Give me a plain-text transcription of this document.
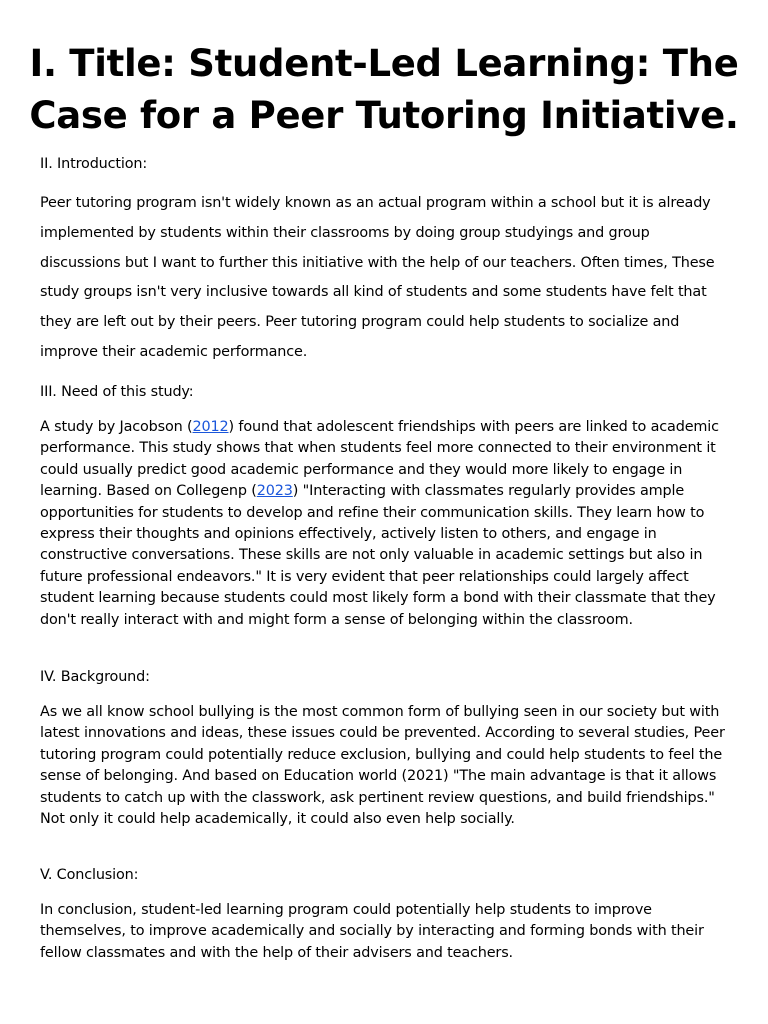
I. Title: Student-Led Learning: The Case for a Peer Tutoring Initiative.
II. Introduction:

Peer tutoring program isn't widely known as an actual program within a school but it is already implemented by students within their classrooms by doing group studyings and group discussions but I want to further this initiative with the help of our teachers. Often times, These study groups isn't very inclusive towards all kind of students and some students have felt that they are left out by their peers. Peer tutoring program could help students to socialize and improve their academic performance.

III. Need of this study:

A study by Jacobson (2012) found that adolescent friendships with peers are linked to academic performance. This study shows that when students feel more connected to their environment it could usually predict good academic performance and they would more likely to engage in learning. Based on Collegenp (2023) "Interacting with classmates regularly provides ample opportunities for students to develop and refine their communication skills. They learn how to express their thoughts and opinions effectively, actively listen to others, and engage in constructive conversations. These skills are not only valuable in academic settings but also in future professional endeavors." It is very evident that peer relationships could largely affect student learning because students could most likely form a bond with their classmate that they don't really interact with and might form a sense of belonging within the classroom.

IV. Background:

As we all know school bullying is the most common form of bullying seen in our society but with latest innovations and ideas, these issues could be prevented. According to several studies, Peer tutoring program could potentially reduce exclusion, bullying and could help students to feel the sense of belonging. And based on Education world (2021) "The main advantage is that it allows students to catch up with the classwork, ask pertinent review questions, and build friendships." Not only it could help academically, it could also even help socially.

V. Conclusion:

In conclusion, student-led learning program could potentially help students to improve themselves, to improve academically and socially by interacting and forming bonds with their fellow classmates and with the help of their advisers and teachers.
